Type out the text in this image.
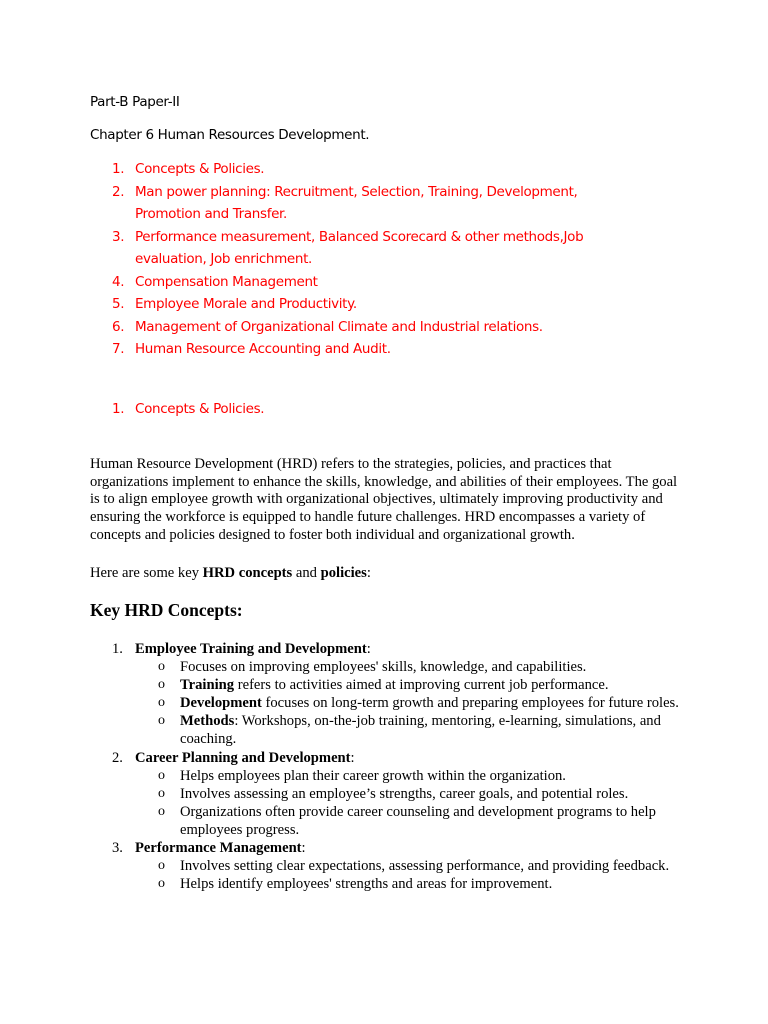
Part-B Paper-II
Chapter 6 Human Resources Development.
1. Concepts & Policies.
2. Man power planning: Recruitment, Selection, Training, Development, Promotion and Transfer.
3. Performance measurement, Balanced Scorecard & other methods,Job evaluation, Job enrichment.
4. Compensation Management
5. Employee Morale and Productivity.
6. Management of Organizational Climate and Industrial relations.
7. Human Resource Accounting and Audit.
1. Concepts & Policies.

Human Resource Development (HRD) refers to the strategies, policies, and practices that organizations implement to enhance the skills, knowledge, and abilities of their employees. The goal is to align employee growth with organizational objectives, ultimately improving productivity and ensuring the workforce is equipped to handle future challenges. HRD encompasses a variety of concepts and policies designed to foster both individual and organizational growth.

Here are some key HRD concepts and policies:

Key HRD Concepts:
1. Employee Training and Development:
o Focuses on improving employees' skills, knowledge, and capabilities.
o Training refers to activities aimed at improving current job performance.
o Development focuses on long-term growth and preparing employees for future roles.
o Methods: Workshops, on-the-job training, mentoring, e-learning, simulations, and coaching.
2. Career Planning and Development:
o Helps employees plan their career growth within the organization.
o Involves assessing an employee’s strengths, career goals, and potential roles.
o Organizations often provide career counseling and development programs to help employees progress.
3. Performance Management:
o Involves setting clear expectations, assessing performance, and providing feedback.
o Helps identify employees' strengths and areas for improvement.
